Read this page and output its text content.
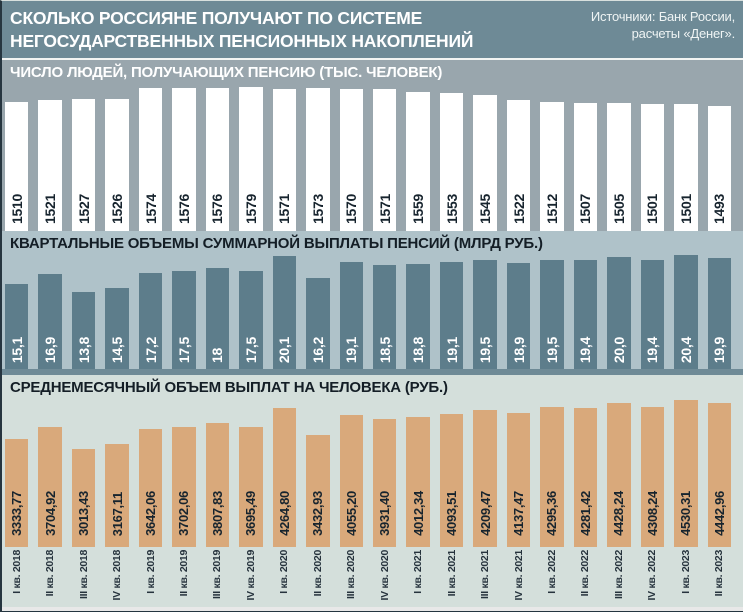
СКОЛЬКО РОССИЯНЕ ПОЛУЧАЮТ ПО СИСТЕМЕ
НЕГОСУДАРСТВЕННЫХ ПЕНСИОННЫХ НАКОПЛЕНИЙ
Источники: Банк России,
расчеты «Денег».
ЧИСЛО ЛЮДЕЙ, ПОЛУЧАЮЩИХ ПЕНСИЮ (ТЫС. ЧЕЛОВЕК)
1510 1521 1527 1526 1574 1576 1576 1579 1571 1573 1570 1571 1559 1553 1545 1522 1512 1507 1505 1501 1501 1493
КВАРТАЛЬНЫЕ ОБЪЕМЫ СУММАРНОЙ ВЫПЛАТЫ ПЕНСИЙ (МЛРД РУБ.)
15,1 16,9 13,8 14,5 17,2 17,5 18 17,5 20,1 16,2 19,1 18,5 18,8 19,1 19,5 18,9 19,5 19,4 20,0 19,4 20,4 19,9
СРЕДНЕМЕСЯЧНЫЙ ОБЪЕМ ВЫПЛАТ НА ЧЕЛОВЕКА (РУБ.)
3333,77 3704,92 3013,43 3167,11 3642,06 3702,06 3807,83 3695,49 4264,80 3432,93 4055,20 3931,40 4012,34 4093,51 4209,47 4137,47 4295,36 4281,42 4428,24 4308,24 4530,31 4442,96
I кв. 2018 II кв. 2018 III кв. 2018 IV кв. 2018 I кв. 2019 II кв. 2019 III кв. 2019 IV кв. 2019 I кв. 2020 II кв. 2020 III кв. 2020 IV кв. 2020 I кв. 2021 II кв. 2021 III кв. 2021 IV кв. 2021 I кв. 2022 II кв. 2022 III кв. 2022 IV кв. 2022 I кв. 2023 II кв. 2023
